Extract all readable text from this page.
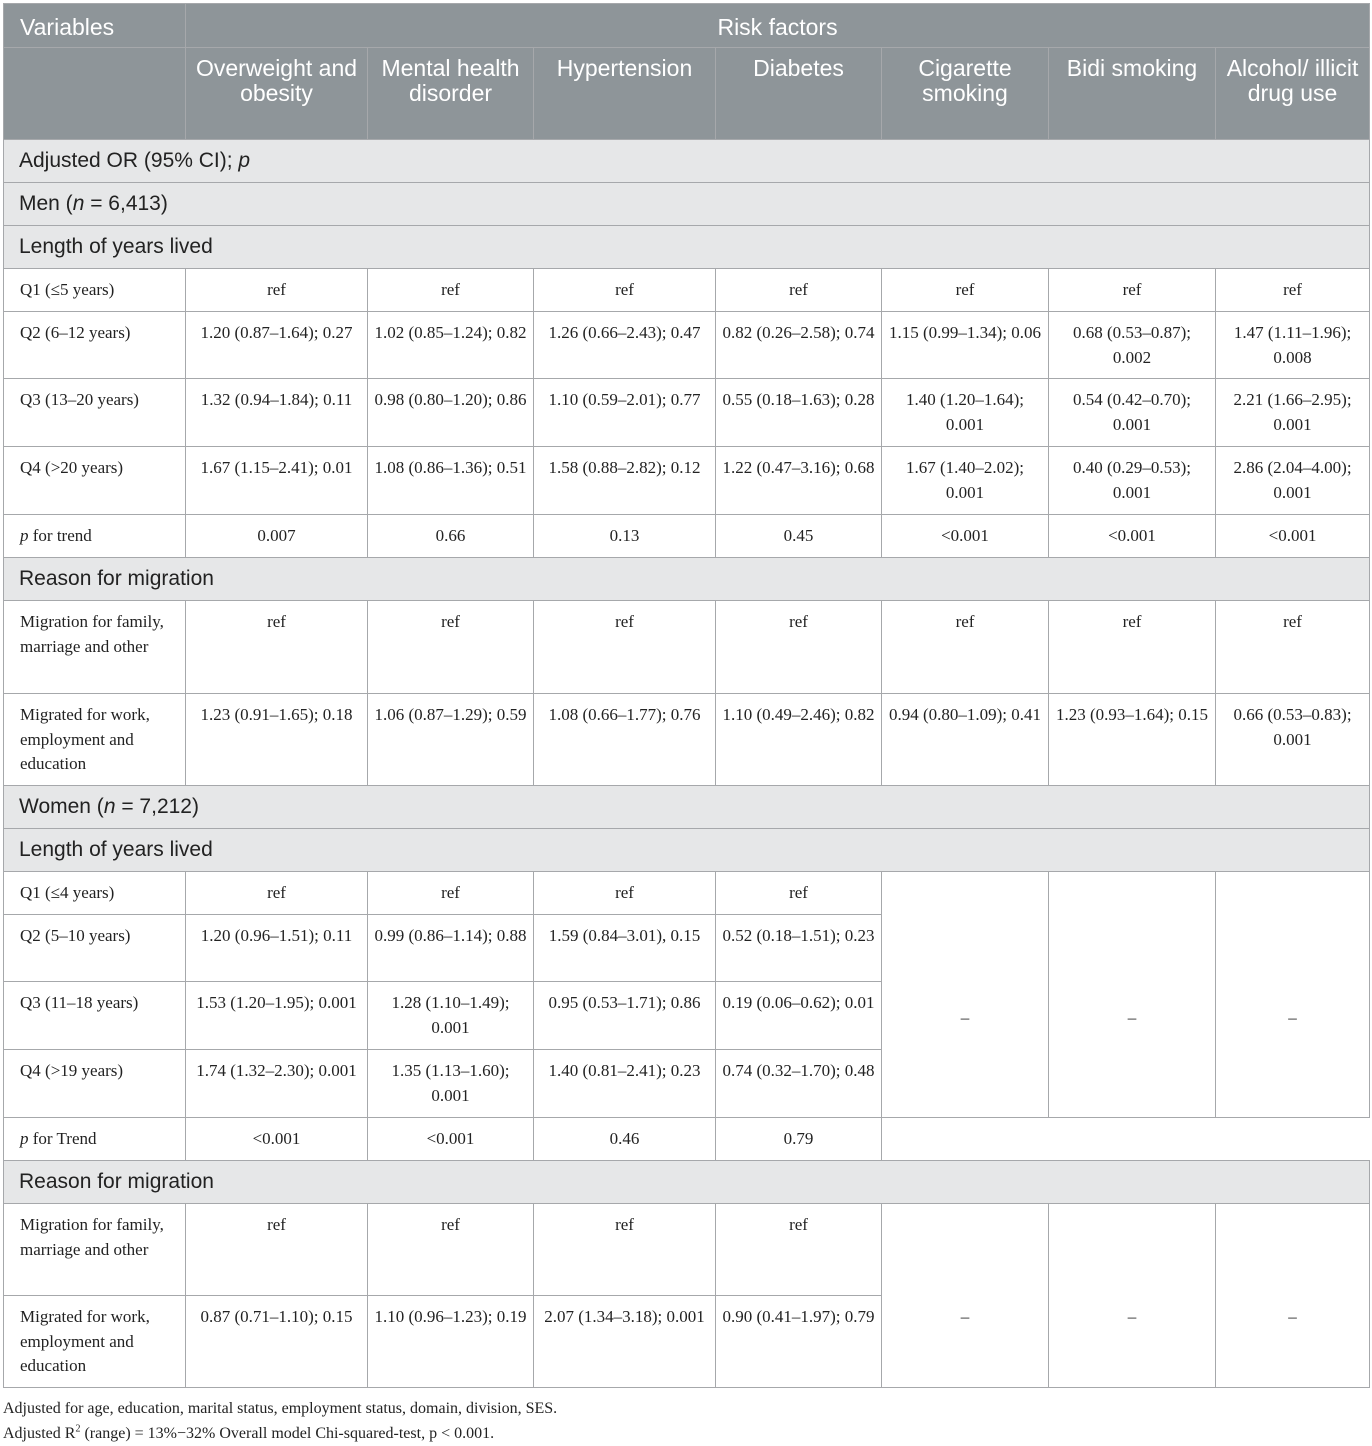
Variables	Risk factors						
	Overweight and obesity	Mental health disorder	Hypertension	Diabetes	Cigarette smoking	Bidi smoking	Alcohol/ illicit drug use
Adjusted OR (95% CI); p							
Men (n = 6,413)							
Length of years lived							
Q1 (≤5 years)	ref	ref	ref	ref	ref	ref	ref
Q2 (6–12 years)	1.20 (0.87–1.64); 0.27	1.02 (0.85–1.24); 0.82	1.26 (0.66–2.43); 0.47	0.82 (0.26–2.58); 0.74	1.15 (0.99–1.34); 0.06	0.68 (0.53–0.87); 0.002	1.47 (1.11–1.96); 0.008
Q3 (13–20 years)	1.32 (0.94–1.84); 0.11	0.98 (0.80–1.20); 0.86	1.10 (0.59–2.01); 0.77	0.55 (0.18–1.63); 0.28	1.40 (1.20–1.64); 0.001	0.54 (0.42–0.70); 0.001	2.21 (1.66–2.95); 0.001
Q4 (>20 years)	1.67 (1.15–2.41); 0.01	1.08 (0.86–1.36); 0.51	1.58 (0.88–2.82); 0.12	1.22 (0.47–3.16); 0.68	1.67 (1.40–2.02); 0.001	0.40 (0.29–0.53); 0.001	2.86 (2.04–4.00); 0.001
p for trend	0.007	0.66	0.13	0.45	<0.001	<0.001	<0.001
Reason for migration							
Migration for family, marriage and other	ref	ref	ref	ref	ref	ref	ref
Migrated for work, employment and education	1.23 (0.91–1.65); 0.18	1.06 (0.87–1.29); 0.59	1.08 (0.66–1.77); 0.76	1.10 (0.49–2.46); 0.82	0.94 (0.80–1.09); 0.41	1.23 (0.93–1.64); 0.15	0.66 (0.53–0.83); 0.001
Women (n = 7,212)							
Length of years lived							
Q1 (≤4 years)	ref	ref	ref	ref	–	–	–
Q2 (5–10 years)	1.20 (0.96–1.51); 0.11	0.99 (0.86–1.14); 0.88	1.59 (0.84–3.01), 0.15	0.52 (0.18–1.51); 0.23			
Q3 (11–18 years)	1.53 (1.20–1.95); 0.001	1.28 (1.10–1.49); 0.001	0.95 (0.53–1.71); 0.86	0.19 (0.06–0.62); 0.01			
Q4 (>19 years)	1.74 (1.32–2.30); 0.001	1.35 (1.13–1.60); 0.001	1.40 (0.81–2.41); 0.23	0.74 (0.32–1.70); 0.48			
p for Trend	<0.001	<0.001	0.46	0.79			
Reason for migration							
Migration for family, marriage and other	ref	ref	ref	ref	–	–	–
Migrated for work, employment and education	0.87 (0.71–1.10); 0.15	1.10 (0.96–1.23); 0.19	2.07 (1.34–3.18); 0.001	0.90 (0.41–1.97); 0.79			
Adjusted for age, education, marital status, employment status, domain, division, SES.
Adjusted $R^2$ (range) = 13%−32% Overall model Chi-squared-test, p < 0.001.
